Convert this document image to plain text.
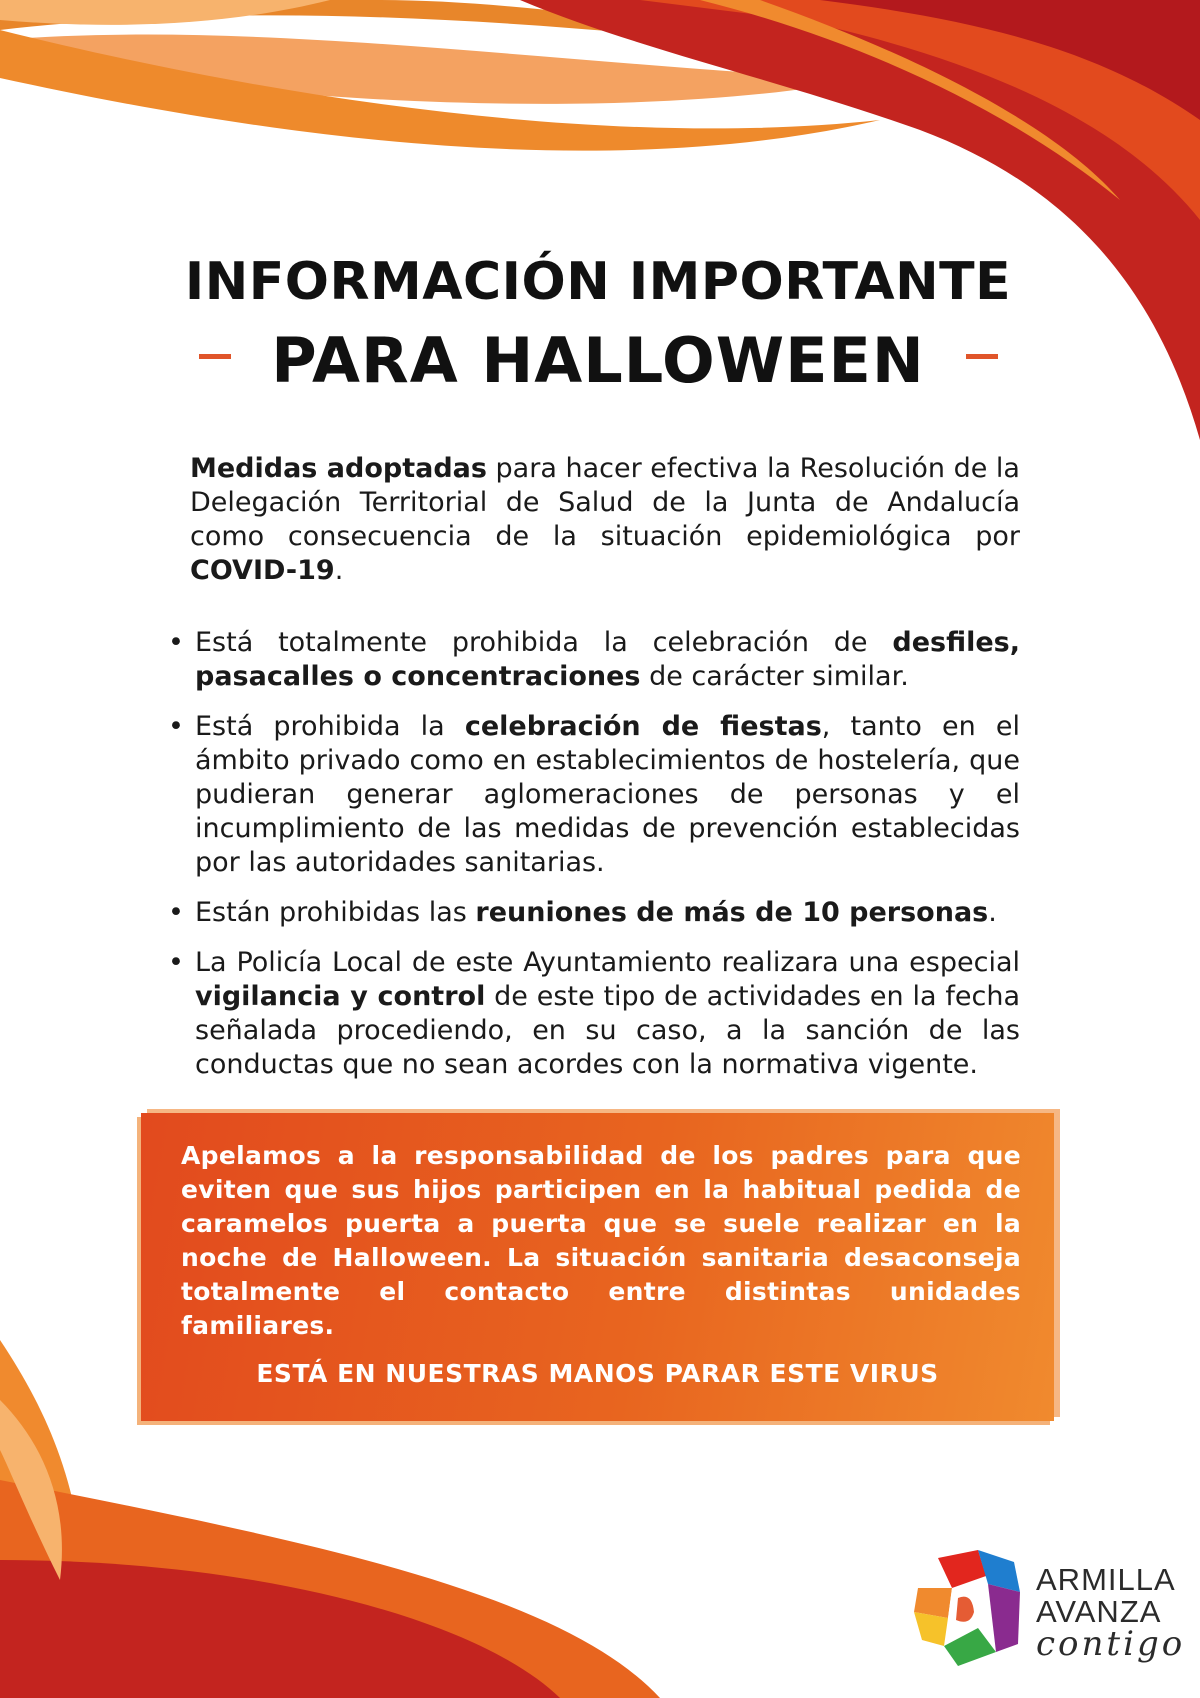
INFORMACIÓN IMPORTANTE
PARA HALLOWEEN
Medidas adoptadas para hacer efectiva la Resolución de la Delegación Territorial de Salud de la Junta de Andalucía como consecuencia de la situación epidemiológica por COVID-19.
• Está totalmente prohibida la celebración de desfiles, pasacalles o concentraciones de carácter similar.
• Está prohibida la celebración de fiestas, tanto en el ámbito privado como en establecimientos de hostelería, que pudieran generar aglomeraciones de personas y el incumplimiento de las medidas de prevención establecidas por las autoridades sanitarias.
• Están prohibidas las reuniones de más de 10 personas.
• La Policía Local de este Ayuntamiento realizara una especial vigilancia y control de este tipo de actividades en la fecha señalada procediendo, en su caso, a la sanción de las conductas que no sean acordes con la normativa vigente.
Apelamos a la responsabilidad de los padres para que eviten que sus hijos participen en la habitual pedida de caramelos puerta a puerta que se suele realizar en la noche de Halloween. La situación sanitaria desaconseja totalmente el contacto entre distintas unidades familiares.
ESTÁ EN NUESTRAS MANOS PARAR ESTE VIRUS
ARMILLA
AVANZA
contigo
